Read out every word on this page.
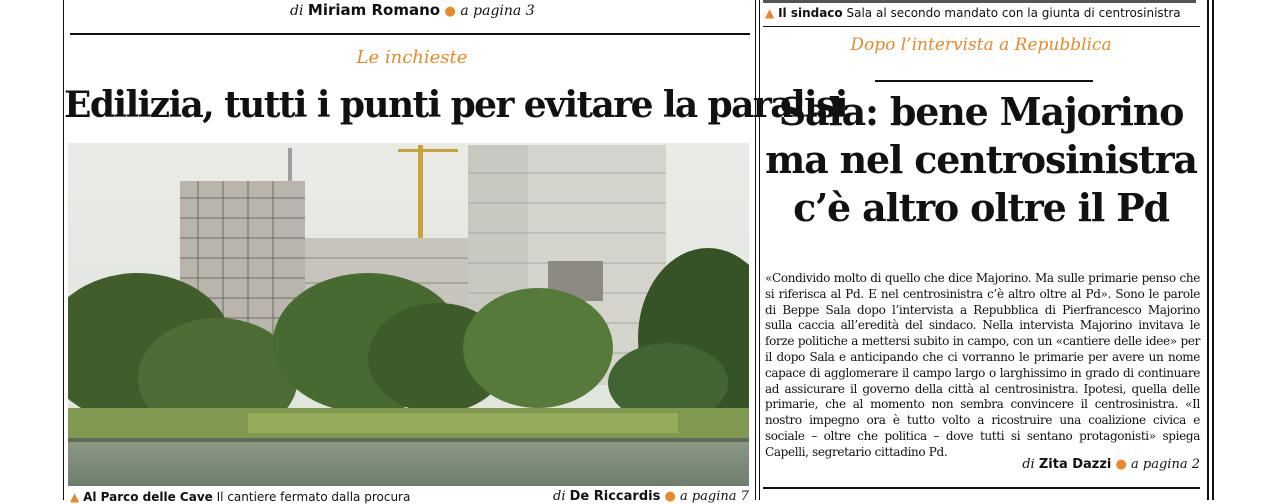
di Miriam Romano ● a pagina 3
Le inchieste
Edilizia, tutti i punti per evitare la paralisi
▲ Al Parco delle Cave Il cantiere fermato dalla procura	di De Riccardis ● a pagina 7
▲ Il sindaco Sala al secondo mandato con la giunta di centrosinistra
Dopo l’intervista a Repubblica
Sala: bene Majorino
ma nel centrosinistra
c’è altro oltre il Pd
«Condivido molto di quello che dice Majorino. Ma sulle primarie penso che si riferisca al Pd. E nel centrosinistra c’è altro oltre al Pd». Sono le parole di Beppe Sala dopo l’intervista a Repubblica di Pierfrancesco Majorino sulla caccia all’eredità del sindaco. Nella intervista Majorino invitava le forze politiche a mettersi subito in campo, con un «cantiere delle idee» per il dopo Sala e anticipando che ci vorranno le primarie per avere un nome capace di agglomerare il campo largo o larghissimo in grado di continuare ad assicurare il governo della città al centrosinistra. Ipotesi, quella delle primarie, che al momento non sembra convincere il centrosinistra. «Il nostro impegno ora è tutto volto a ricostruire una coalizione civica e sociale – oltre che politica – dove tutti si sentano protagonisti» spiega Capelli, segretario cittadino Pd.
di Zita Dazzi ● a pagina 2
